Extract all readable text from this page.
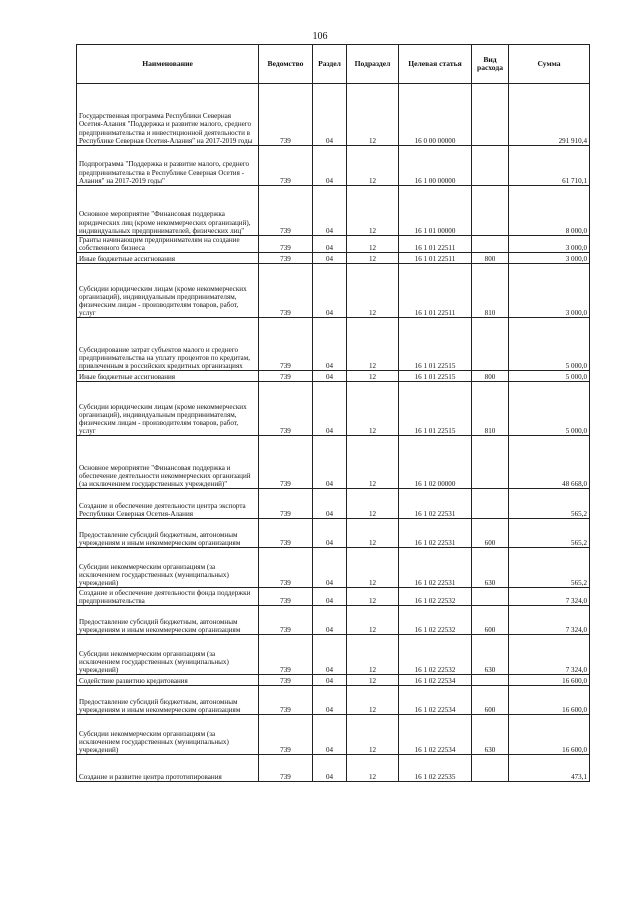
106
Наименование	Ведомство	Раздел	Подраздел	Целевая статья	Вид расхода	Сумма
Государственная программа Республики Северная Осетия-Алания "Поддержка и развитие малого, среднего предпринимательства и инвестиционной деятельности в Республике Северная Осетия-Алания" на 2017-2019 годы	739	04	12	16 0 00 00000		291 910,4
Подпрограмма "Поддержка и развитие малого, среднего предпринимательства в Республике Северная Осетия - Алания" на 2017-2019 годы"	739	04	12	16 1 00 00000		61 710,1
Основное мероприятие "Финансовая поддержка юридических лиц (кроме некоммерческих организаций), индивидуальных предпринимателей, физических лиц"	739	04	12	16 1 01 00000		8 000,0
Гранты начинающим предпринимателям на создание собственного бизнеса	739	04	12	16 1 01 22511		3 000,0
Иные бюджетные ассигнования	739	04	12	16 1 01 22511	800	3 000,0
Субсидии юридическим лицам (кроме некоммерческих организаций), индивидуальным предпринимателям, физическим лицам - производителям товаров, работ, услуг	739	04	12	16 1 01 22511	810	3 000,0
Субсидирование затрат субъектов малого и среднего предпринимательства на уплату процентов по кредитам, привлеченным в российских кредитных организациях	739	04	12	16 1 01 22515		5 000,0
Иные бюджетные ассигнования	739	04	12	16 1 01 22515	800	5 000,0
Субсидии юридическим лицам (кроме некоммерческих организаций), индивидуальным предпринимателям, физическим лицам - производителям товаров, работ, услуг	739	04	12	16 1 01 22515	810	5 000,0
Основное мероприятие "Финансовая поддержка и обеспечение деятельности некоммерческих организаций (за исключением государственных учреждений)"	739	04	12	16 1 02 00000		48 668,0
Создание и обеспечение деятельности центра экспорта Республики Северная Осетия-Алания	739	04	12	16 1 02 22531		565,2
Предоставление субсидий бюджетным, автономным учреждениям и иным некоммерческим организациям	739	04	12	16 1 02 22531	600	565,2
Субсидии некоммерческим организациям (за исключением государственных (муниципальных) учреждений)	739	04	12	16 1 02 22531	630	565,2
Создание и обеспечение деятельности фонда поддержки предпринимательства	739	04	12	16 1 02 22532		7 324,0
Предоставление субсидий бюджетным, автономным учреждениям и иным некоммерческим организациям	739	04	12	16 1 02 22532	600	7 324,0
Субсидии некоммерческим организациям (за исключением государственных (муниципальных) учреждений)	739	04	12	16 1 02 22532	630	7 324,0
Содействие развитию кредитования	739	04	12	16 1 02 22534		16 600,0
Предоставление субсидий бюджетным, автономным учреждениям и иным некоммерческим организациям	739	04	12	16 1 02 22534	600	16 600,0
Субсидии некоммерческим организациям (за исключением государственных (муниципальных) учреждений)	739	04	12	16 1 02 22534	630	16 600,0
Создание и развитие центра прототипирования	739	04	12	16 1 02 22535		473,1
